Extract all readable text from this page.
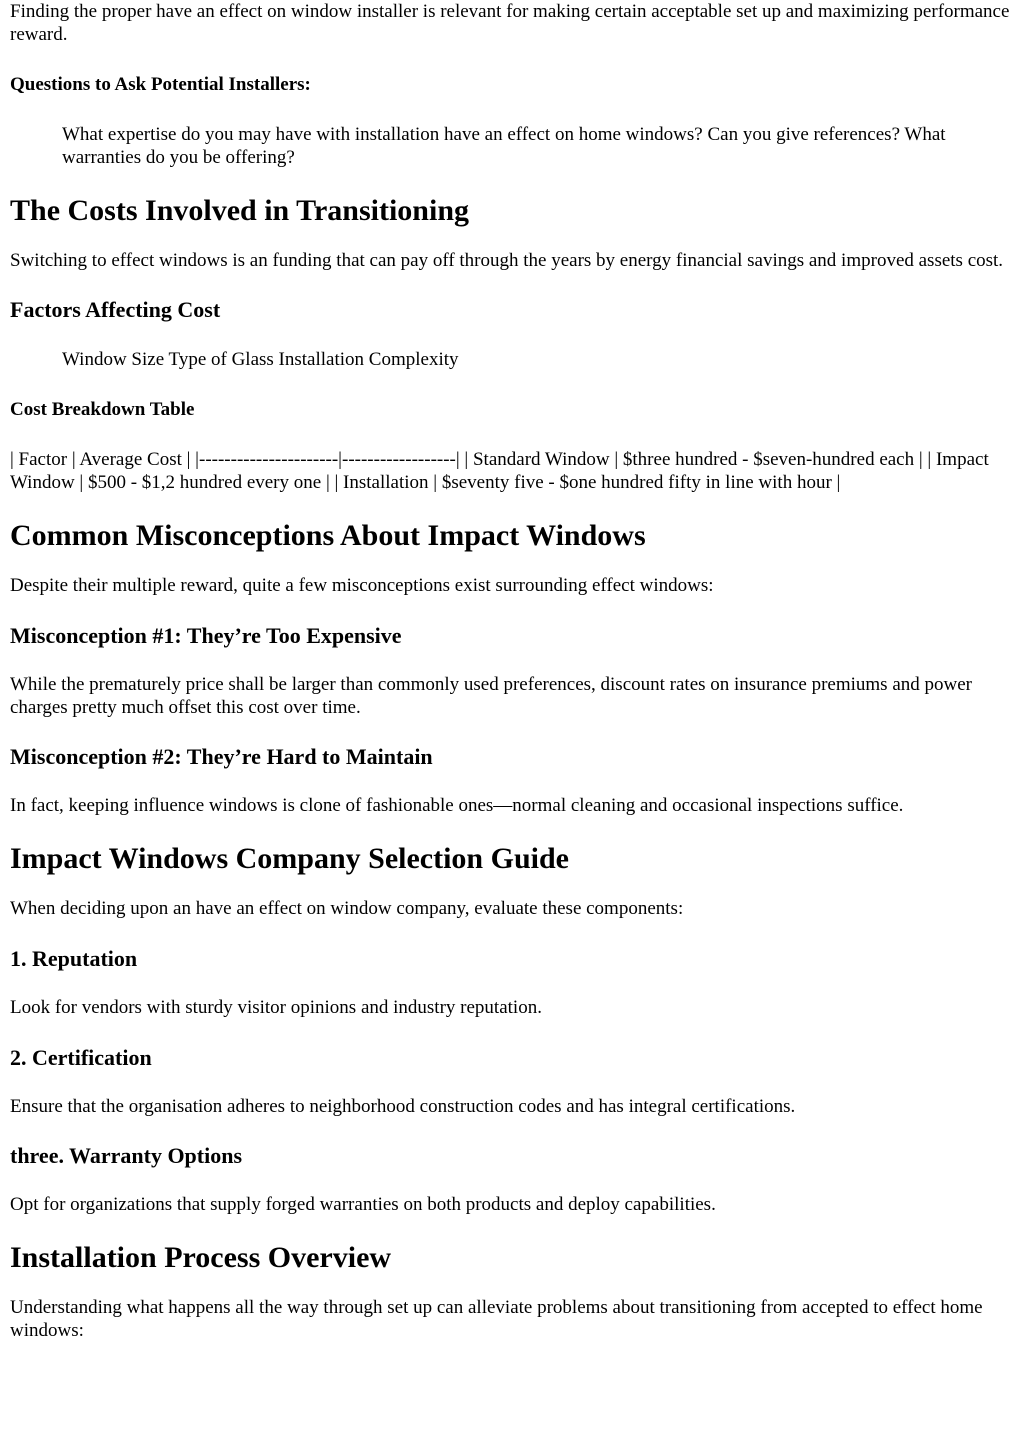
Finding the proper have an effect on window installer is relevant for making certain acceptable set up and maximizing performance reward.

Questions to Ask Potential Installers:
What expertise do you may have with installation have an effect on home windows? Can you give references? What warranties do you be offering?
The Costs Involved in Transitioning

Switching to effect windows is an funding that can pay off through the years by energy financial savings and improved assets cost.

Factors Affecting Cost
Window Size Type of Glass Installation Complexity
Cost Breakdown Table

| Factor | Average Cost | |----------------------|------------------| | Standard Window | $three hundred - $seven-hundred each | | Impact Window | $500 - $1,2 hundred every one | | Installation | $seventy five - $one hundred fifty in line with hour |

Common Misconceptions About Impact Windows

Despite their multiple reward, quite a few misconceptions exist surrounding effect windows:

Misconception #1: They’re Too Expensive

While the prematurely price shall be larger than commonly used preferences, discount rates on insurance premiums and power charges pretty much offset this cost over time.

Misconception #2: They’re Hard to Maintain

In fact, keeping influence windows is clone of fashionable ones—normal cleaning and occasional inspections suffice.

Impact Windows Company Selection Guide

When deciding upon an have an effect on window company, evaluate these components:

1. Reputation

Look for vendors with sturdy visitor opinions and industry reputation.

2. Certification

Ensure that the organisation adheres to neighborhood construction codes and has integral certifications.

three. Warranty Options

Opt for organizations that supply forged warranties on both products and deploy capabilities.

Installation Process Overview

Understanding what happens all the way through set up can alleviate problems about transitioning from accepted to effect home windows:
